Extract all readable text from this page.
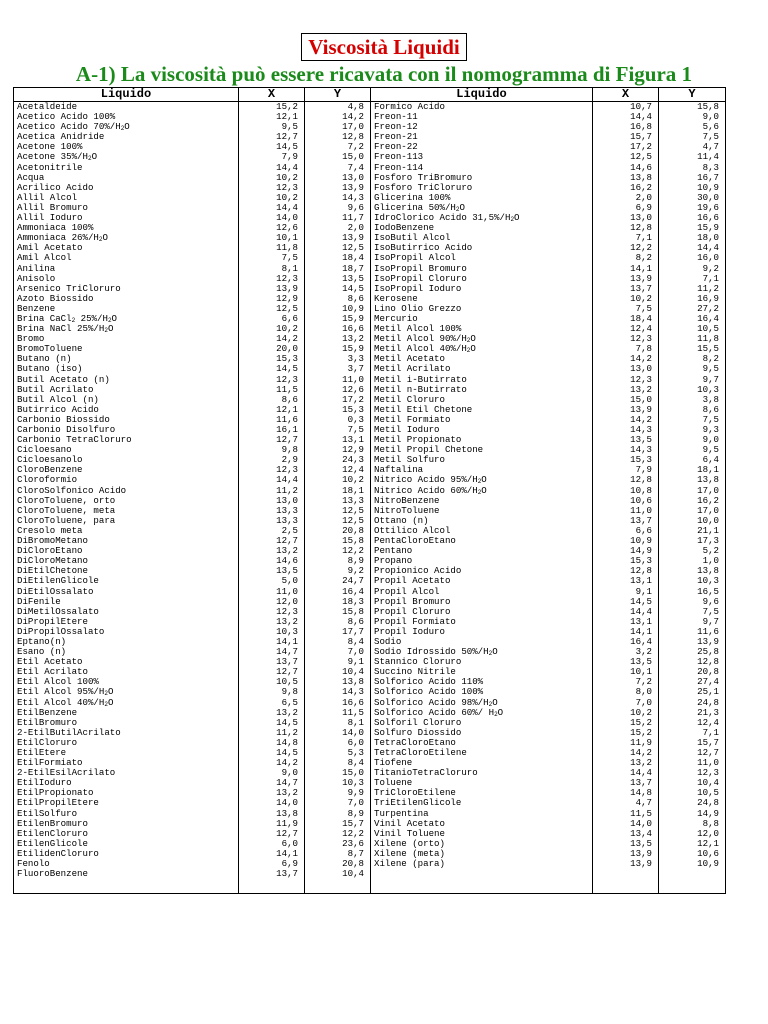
Viscosità Liquidi
A-1) La viscosità può essere ricavata con il nomogramma di Figura 1
Liquido	X	Y	Liquido	X	Y
Acetaldeide	15,2	4,8	Formico Acido	10,7	15,8
Acetico Acido 100%	12,1	14,2	Freon-11	14,4	9,0
Acetico Acido $70\%/H_2O$	9,5	17,0	Freon-12	16,8	5,6
Acetica Anidride	12,7	12,8	Freon-21	15,7	7,5
Acetone 100%	14,5	7,2	Freon-22	17,2	4,7
Acetone $35\%/H_2O$	7,9	15,0	Freon-113	12,5	11,4
Acetonitrile	14,4	7,4	Freon-114	14,6	8,3
Acqua	10,2	13,0	Fosforo TriBromuro	13,8	16,7
Acrilico Acido	12,3	13,9	Fosforo TriCloruro	16,2	10,9
Allil Alcol	10,2	14,3	Glicerina 100%	2,0	30,0
Allil Bromuro	14,4	9,6	Glicerina $50\%/H_2O$	6,9	19,6
Allil Ioduro	14,0	11,7	IdroClorico Acido $31,5\%/H_2O$	13,0	16,6
Ammoniaca 100%	12,6	2,0	IodoBenzene	12,8	15,9
Ammoniaca $26\%/H_2O$	10,1	13,9	IsoButil Alcol	7,1	18,0
Amil Acetato	11,8	12,5	IsoButirrico Acido	12,2	14,4
Amil Alcol	7,5	18,4	IsoPropil Alcol	8,2	16,0
Anilina	8,1	18,7	IsoPropil Bromuro	14,1	9,2
Anisolo	12,3	13,5	IsoPropil Cloruro	13,9	7,1
Arsenico TriCloruro	13,9	14,5	IsoPropil Ioduro	13,7	11,2
Azoto Biossido	12,9	8,6	Kerosene	10,2	16,9
Benzene	12,5	10,9	Lino Olio Grezzo	7,5	27,2
Brina CaCl$_2$ $25\%/H_2O$	6,6	15,9	Mercurio	18,4	16,4
Brina NaCl $25\%/H_2O$	10,2	16,6	Metil Alcol 100%	12,4	10,5
Bromo	14,2	13,2	Metil Alcol $90\%/H_2O$	12,3	11,8
BromoToluene	20,0	15,9	Metil Alcol $40\%/H_2O$	7,8	15,5
Butano (n)	15,3	3,3	Metil Acetato	14,2	8,2
Butano (iso)	14,5	3,7	Metil Acrilato	13,0	9,5
Butil Acetato (n)	12,3	11,0	Metil i-Butirrato	12,3	9,7
Butil Acrilato	11,5	12,6	Metil n-Butirrato	13,2	10,3
Butil Alcol (n)	8,6	17,2	Metil Cloruro	15,0	3,8
Butirrico Acido	12,1	15,3	Metil Etil Chetone	13,9	8,6
Carbonio Biossido	11,6	0,3	Metil Formiato	14,2	7,5
Carbonio Disolfuro	16,1	7,5	Metil Ioduro	14,3	9,3
Carbonio TetraCloruro	12,7	13,1	Metil Propionato	13,5	9,0
Cicloesano	9,8	12,9	Metil Propil Chetone	14,3	9,5
Cicloesanolo	2,9	24,3	Metil Solfuro	15,3	6,4
CloroBenzene	12,3	12,4	Naftalina	7,9	18,1
Cloroformio	14,4	10,2	Nitrico Acido $95\%/H_2O$	12,8	13,8
CloroSolfonico Acido	11,2	18,1	Nitrico Acido $60\%/H_2O$	10,8	17,0
CloroToluene, orto	13,0	13,3	NitroBenzene	10,6	16,2
CloroToluene, meta	13,3	12,5	NitroToluene	11,0	17,0
CloroToluene, para	13,3	12,5	Ottano (n)	13,7	10,0
Cresolo meta	2,5	20,8	Ottilico Alcol	6,6	21,1
DiBromoMetano	12,7	15,8	PentaCloroEtano	10,9	17,3
DiCloroEtano	13,2	12,2	Pentano	14,9	5,2
DiCloroMetano	14,6	8,9	Propano	15,3	1,0
DiEtilChetone	13,5	9,2	Propionico Acido	12,8	13,8
DiEtilenGlicole	5,0	24,7	Propil Acetato	13,1	10,3
DiEtilOssalato	11,0	16,4	Propil Alcol	9,1	16,5
DiFenile	12,0	18,3	Propil Bromuro	14,5	9,6
DiMetilOssalato	12,3	15,8	Propil Cloruro	14,4	7,5
DiPropilEtere	13,2	8,6	Propil Formiato	13,1	9,7
DiPropilOssalato	10,3	17,7	Propil Ioduro	14,1	11,6
Eptano(n)	14,1	8,4	Sodio	16,4	13,9
Esano (n)	14,7	7,0	Sodio Idrossido $50\%/H_2O$	3,2	25,8
Etil Acetato	13,7	9,1	Stannico Cloruro	13,5	12,8
Etil Acrilato	12,7	10,4	Succino Nitrile	10,1	20,8
Etil Alcol 100%	10,5	13,8	Solforico Acido 110%	7,2	27,4
Etil Alcol $95\%/H_2O$	9,8	14,3	Solforico Acido 100%	8,0	25,1
Etil Alcol $40\%/H_2O$	6,5	16,6	Solforico Acido $98\%/H_2O$	7,0	24,8
EtilBenzene	13,2	11,5	Solforico Acido 60%/ $H_2O$	10,2	21,3
EtilBromuro	14,5	8,1	Solforil Cloruro	15,2	12,4
2-EtilButilAcrilato	11,2	14,0	Solfuro Diossido	15,2	7,1
EtilCloruro	14,8	6,0	TetraCloroEtano	11,9	15,7
EtilEtere	14,5	5,3	TetraCloroEtilene	14,2	12,7
EtilFormiato	14,2	8,4	Tiofene	13,2	11,0
2-EtilEsilAcrilato	9,0	15,0	TitanioTetraCloruro	14,4	12,3
EtilIoduro	14,7	10,3	Toluene	13,7	10,4
EtilPropionato	13,2	9,9	TriCloroEtilene	14,8	10,5
EtilPropilEtere	14,0	7,0	TriEtilenGlicole	4,7	24,8
EtilSolfuro	13,8	8,9	Turpentina	11,5	14,9
EtilenBromuro	11,9	15,7	Vinil Acetato	14,0	8,8
EtilenCloruro	12,7	12,2	Vinil Toluene	13,4	12,0
EtilenGlicole	6,0	23,6	Xilene (orto)	13,5	12,1
EtilidenCloruro	14,1	8,7	Xilene (meta)	13,9	10,6
Fenolo	6,9	20,8	Xilene (para)	13,9	10,9
FluoroBenzene	13,7	10,4			
